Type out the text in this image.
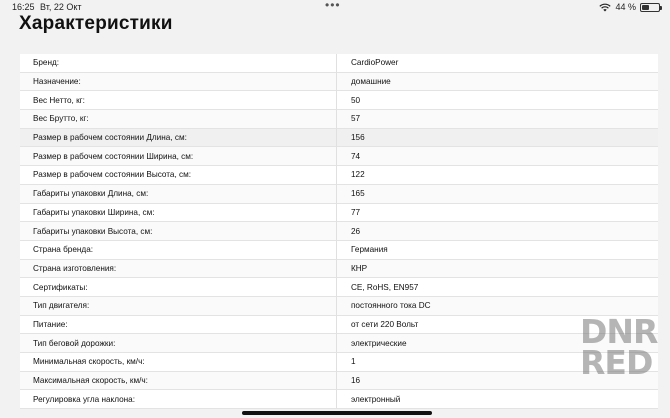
16:25 Вт, 22 Окт	•••	44 %
Характеристики
Бренд:	CardioPower
Назначение:	домашние
Вес Нетто, кг:	50
Вес Брутто, кг:	57
Размер в рабочем состоянии Длина, см:	156
Размер в рабочем состоянии Ширина, см:	74
Размер в рабочем состоянии Высота, см:	122
Габариты упаковки Длина, см:	165
Габариты упаковки Ширина, см:	77
Габариты упаковки Высота, см:	26
Страна бренда:	Германия
Страна изготовления:	КНР
Сертификаты:	CE, RoHS, EN957
Тип двигателя:	постоянного тока DC
Питание:	от сети 220 Вольт
Тип беговой дорожки:	электрические
Минимальная скорость, км/ч:	1
Максимальная скорость, км/ч:	16
Регулировка угла наклона:	электронный
DNR
RED
